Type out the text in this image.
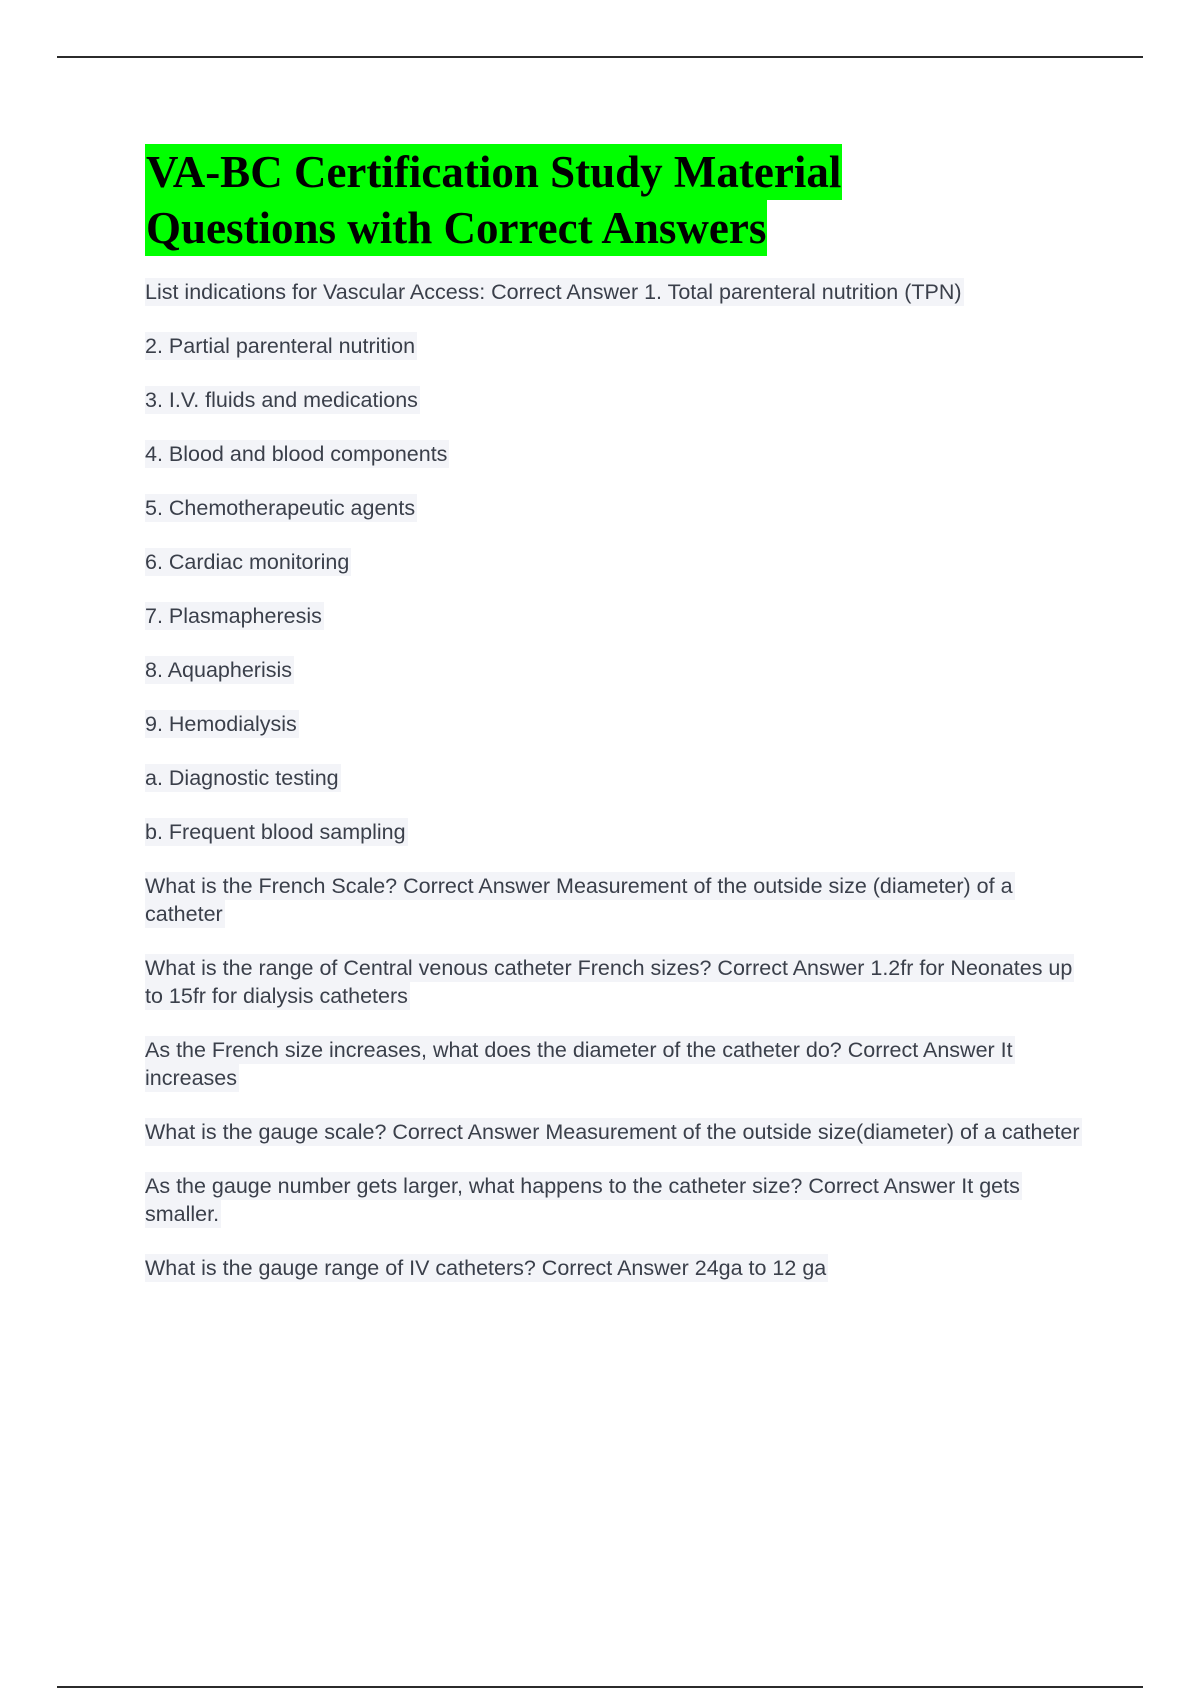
VA-BC Certification Study Material
Questions with Correct Answers
List indications for Vascular Access: Correct Answer 1. Total parenteral nutrition (TPN)
2. Partial parenteral nutrition
3. I.V. fluids and medications
4. Blood and blood components
5. Chemotherapeutic agents
6. Cardiac monitoring
7. Plasmapheresis
8. Aquapherisis
9. Hemodialysis
a. Diagnostic testing
b. Frequent blood sampling
What is the French Scale? Correct Answer Measurement of the outside size (diameter) of a catheter
What is the range of Central venous catheter French sizes? Correct Answer 1.2fr for Neonates up to 15fr for dialysis catheters
As the French size increases, what does the diameter of the catheter do? Correct Answer It increases
What is the gauge scale? Correct Answer Measurement of the outside size(diameter) of a catheter
As the gauge number gets larger, what happens to the catheter size? Correct Answer It gets smaller.
What is the gauge range of IV catheters? Correct Answer 24ga to 12 ga
